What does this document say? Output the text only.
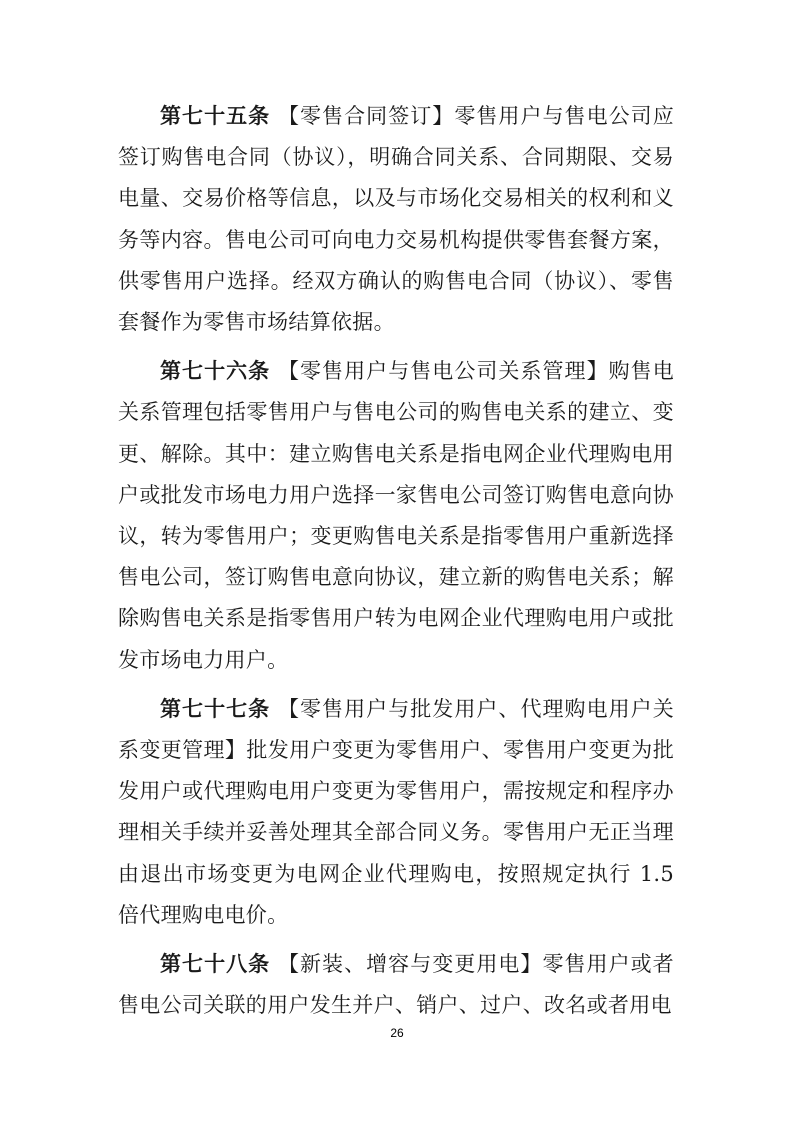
第七十五条 【零售合同签订】零售用户与售电公司应签订购售电合同（协议），明确合同关系、合同期限、交易电量、交易价格等信息，以及与市场化交易相关的权利和义务等内容。售电公司可向电力交易机构提供零售套餐方案，供零售用户选择。经双方确认的购售电合同（协议）、零售套餐作为零售市场结算依据。

第七十六条 【零售用户与售电公司关系管理】购售电关系管理包括零售用户与售电公司的购售电关系的建立、变更、解除。其中：建立购售电关系是指电网企业代理购电用户或批发市场电力用户选择一家售电公司签订购售电意向协议，转为零售用户；变更购售电关系是指零售用户重新选择售电公司，签订购售电意向协议，建立新的购售电关系；解除购售电关系是指零售用户转为电网企业代理购电用户或批发市场电力用户。

第七十七条 【零售用户与批发用户、代理购电用户关系变更管理】批发用户变更为零售用户、零售用户变更为批发用户或代理购电用户变更为零售用户，需按规定和程序办理相关手续并妥善处理其全部合同义务。零售用户无正当理由退出市场变更为电网企业代理购电，按照规定执行 1.5 倍代理购电电价。

第七十八条 【新装、增容与变更用电】零售用户或者售电公司关联的用户发生并户、销户、过户、改名或者用电

26
